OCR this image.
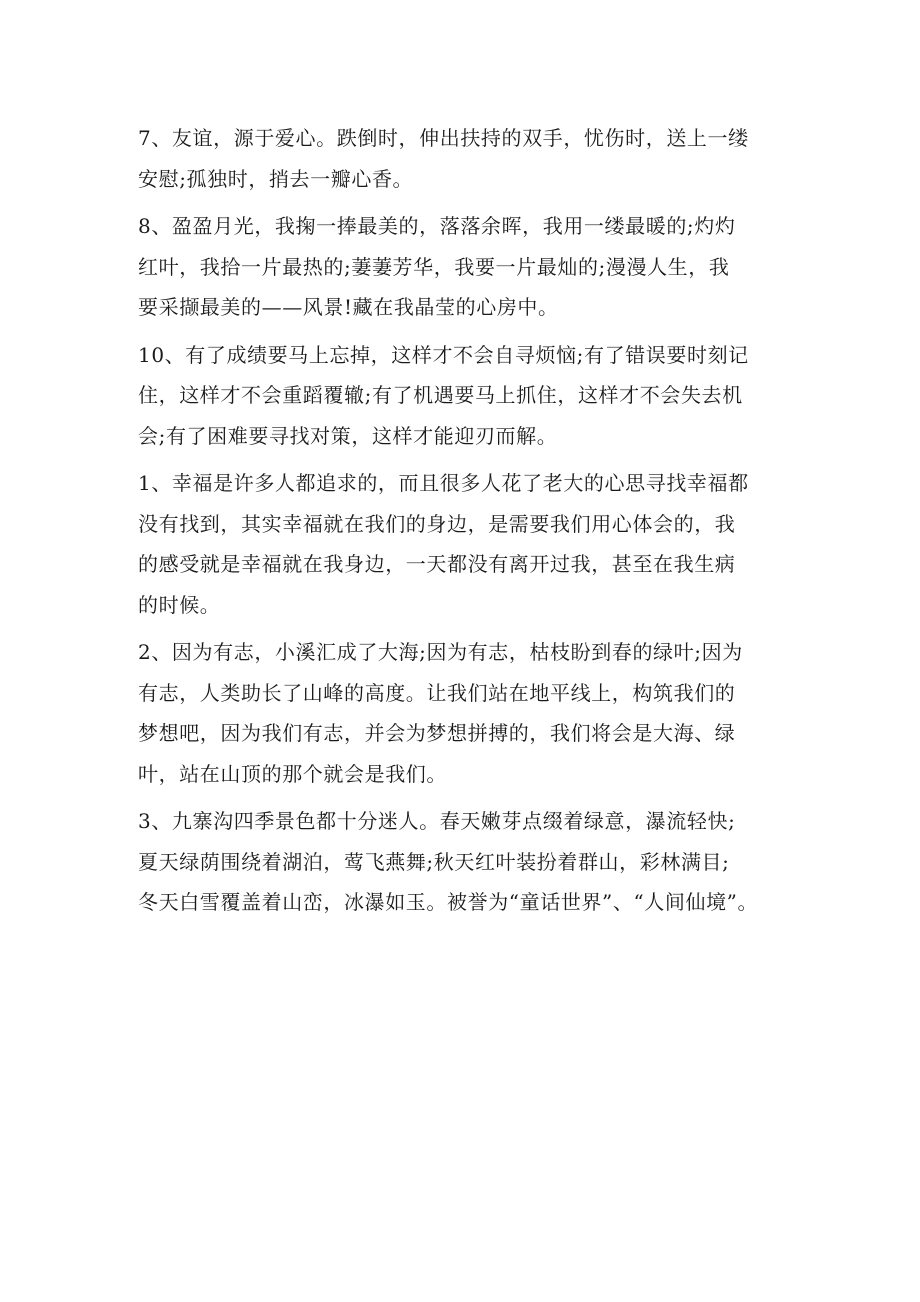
7、友谊，源于爱心。跌倒时，伸出扶持的双手，忧伤时，送上一缕
安慰;孤独时，捎去一瓣心香。
8、盈盈月光，我掬一捧最美的，落落余晖，我用一缕最暖的;灼灼
红叶，我拾一片最热的;萋萋芳华，我要一片最灿的;漫漫人生，我
要采撷最美的——风景!藏在我晶莹的心房中。
10、有了成绩要马上忘掉，这样才不会自寻烦恼;有了错误要时刻记
住，这样才不会重蹈覆辙;有了机遇要马上抓住，这样才不会失去机
会;有了困难要寻找对策，这样才能迎刃而解。
1、幸福是许多人都追求的，而且很多人花了老大的心思寻找幸福都
没有找到，其实幸福就在我们的身边，是需要我们用心体会的，我
的感受就是幸福就在我身边，一天都没有离开过我，甚至在我生病
的时候。
2、因为有志，小溪汇成了大海;因为有志，枯枝盼到春的绿叶;因为
有志，人类助长了山峰的高度。让我们站在地平线上，构筑我们的
梦想吧，因为我们有志，并会为梦想拼搏的，我们将会是大海、绿
叶，站在山顶的那个就会是我们。
3、九寨沟四季景色都十分迷人。春天嫩芽点缀着绿意，瀑流轻快;
夏天绿荫围绕着湖泊，莺飞燕舞;秋天红叶装扮着群山，彩林满目;
冬天白雪覆盖着山峦，冰瀑如玉。被誉为“童话世界”、“人间仙境”。
